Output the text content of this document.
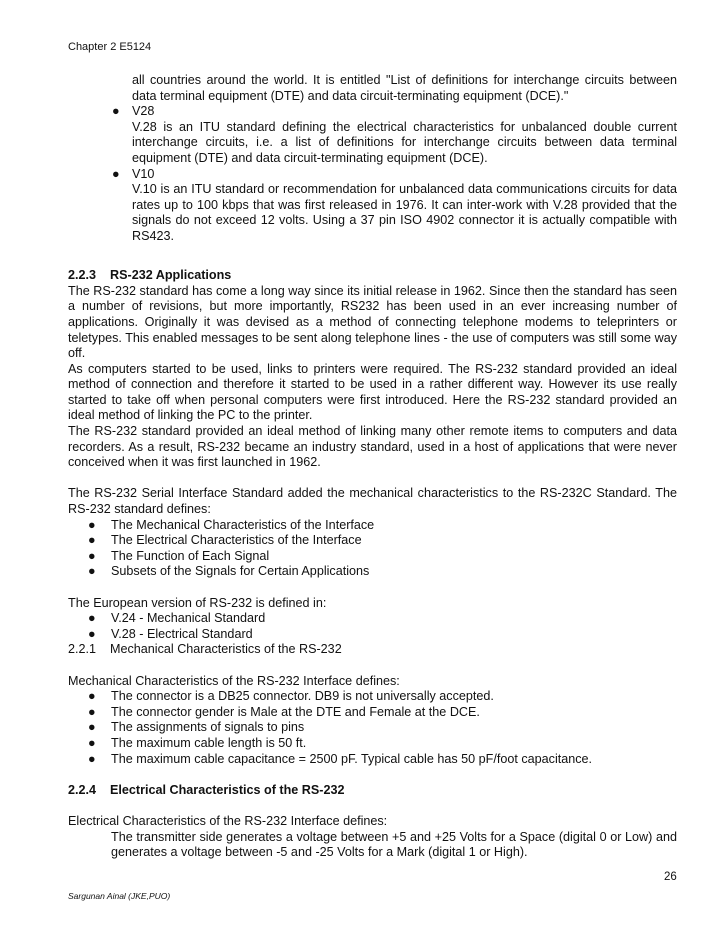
Chapter 2 E5124

all countries around the world. It is entitled "List of definitions for interchange circuits between data terminal equipment (DTE) and data circuit-terminating equipment (DCE)."

● V28

V.28 is an ITU standard defining the electrical characteristics for unbalanced double current interchange circuits, i.e. a list of definitions for interchange circuits between data terminal equipment (DTE) and data circuit-terminating equipment (DCE).

● V10

V.10 is an ITU standard or recommendation for unbalanced data communications circuits for data rates up to 100 kbps that was first released in 1976. It can inter-work with V.28 provided that the signals do not exceed 12 volts. Using a 37 pin ISO 4902 connector it is actually compatible with RS423.

2.2.3    RS-232 Applications

The RS-232 standard has come a long way since its initial release in 1962. Since then the standard has seen a number of revisions, but more importantly, RS232 has been used in an ever increasing number of applications. Originally it was devised as a method of connecting telephone modems to teleprinters or teletypes. This enabled messages to be sent along telephone lines - the use of computers was still some way off.

As computers started to be used, links to printers were required. The RS-232 standard provided an ideal method of connection and therefore it started to be used in a rather different way. However its use really started to take off when personal computers were first introduced. Here the RS-232 standard provided an ideal method of linking the PC to the printer.

The RS-232 standard provided an ideal method of linking many other remote items to computers and data recorders. As a result, RS-232 became an industry standard, used in a host of applications that were never conceived when it was first launched in 1962.

The RS-232 Serial Interface Standard added the mechanical characteristics to the RS-232C Standard. The RS-232 standard defines:

● The Mechanical Characteristics of the Interface

● The Electrical Characteristics of the Interface

● The Function of Each Signal

● Subsets of the Signals for Certain Applications

The European version of RS-232 is defined in:

● V.24 - Mechanical Standard

● V.28 - Electrical Standard

2.2.1    Mechanical Characteristics of the RS-232

Mechanical Characteristics of the RS-232 Interface defines:

● The connector is a DB25 connector. DB9 is not universally accepted.

● The connector gender is Male at the DTE and Female at the DCE.

● The assignments of signals to pins

● The maximum cable length is 50 ft.

● The maximum cable capacitance = 2500 pF. Typical cable has 50 pF/foot capacitance.

2.2.4    Electrical Characteristics of the RS-232

Electrical Characteristics of the RS-232 Interface defines:

The transmitter side generates a voltage between +5 and +25 Volts for a Space (digital 0 or Low) and generates a voltage between -5 and -25 Volts for a Mark (digital 1 or High).

26
Sargunan Ainal (JKE,PUO)
